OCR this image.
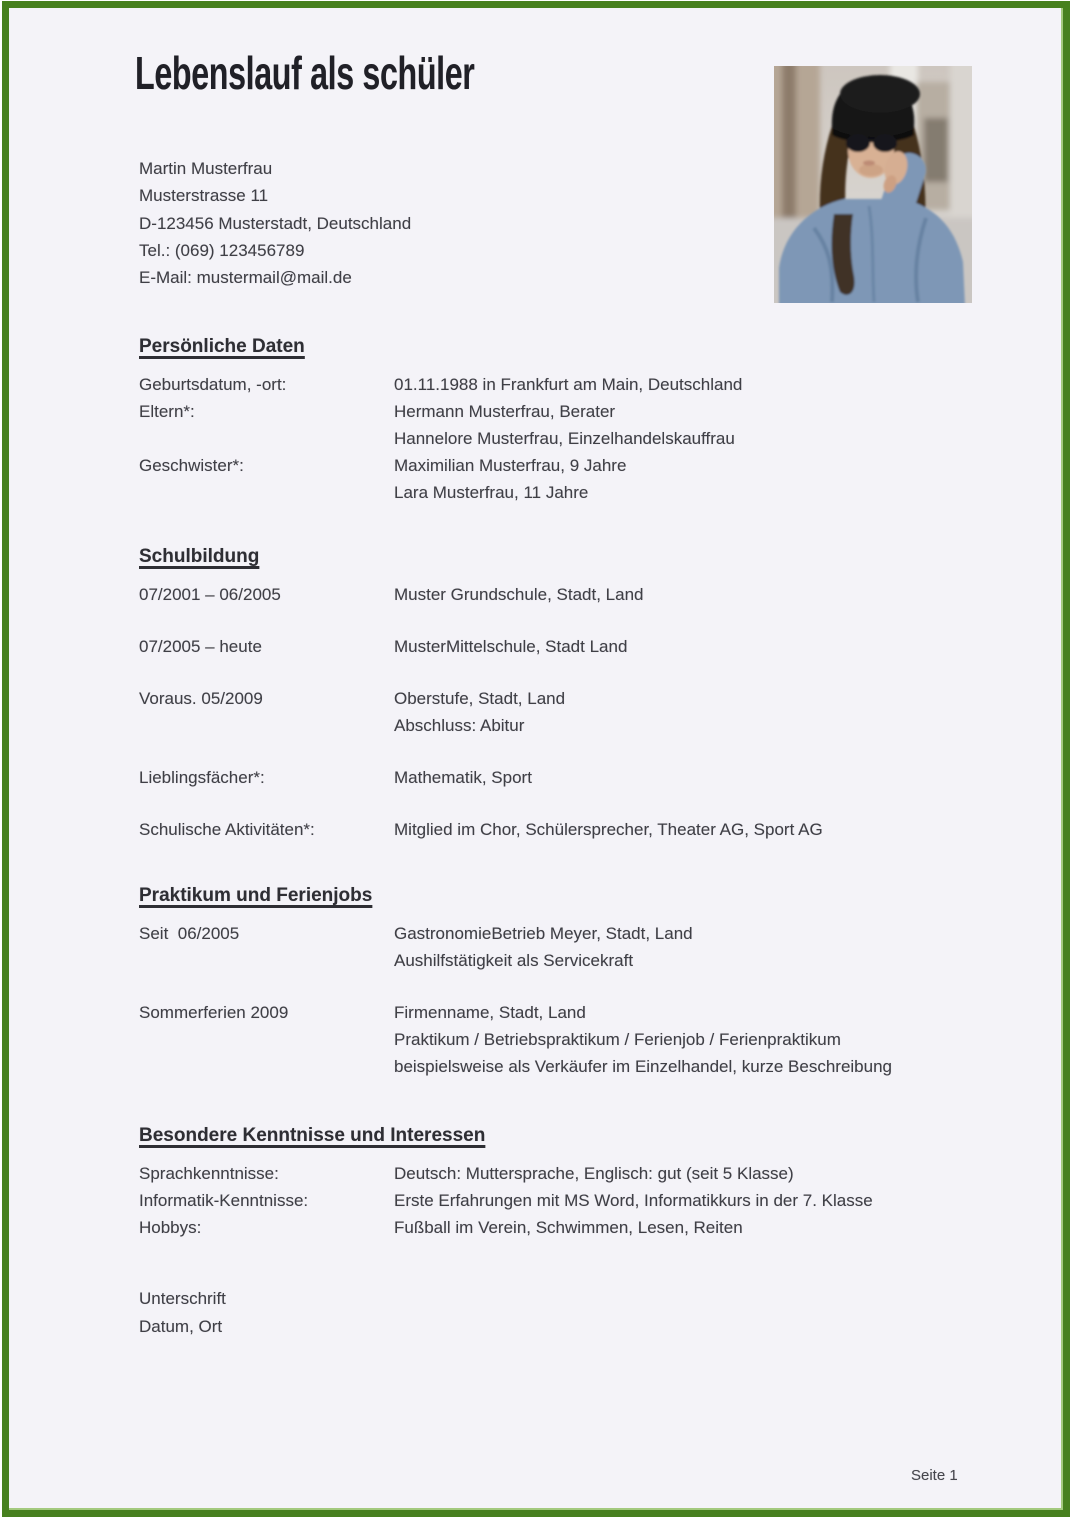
Lebenslauf als schüler
Martin Musterfrau
Musterstrasse 11
D-123456 Musterstadt, Deutschland
Tel.: (069) 123456789
E-Mail: mustermail@mail.de
Persönliche Daten
Geburtsdatum, -ort:	01.11.1988 in Frankfurt am Main, Deutschland
Eltern*:	Hermann Musterfrau, Berater
Hannelore Musterfrau, Einzelhandelskauffrau
Geschwister*:	Maximilian Musterfrau, 9 Jahre
Lara Musterfrau, 11 Jahre
Schulbildung
07/2001 – 06/2005	Muster Grundschule, Stadt, Land
07/2005 – heute	MusterMittelschule, Stadt Land
Voraus. 05/2009	Oberstufe, Stadt, Land
Abschluss: Abitur
Lieblingsfächer*:	Mathematik, Sport
Schulische Aktivitäten*:	Mitglied im Chor, Schülersprecher, Theater AG, Sport AG
Praktikum und Ferienjobs
Seit  06/2005	GastronomieBetrieb Meyer, Stadt, Land
Aushilfstätigkeit als Servicekraft
Sommerferien 2009	Firmenname, Stadt, Land
Praktikum / Betriebspraktikum / Ferienjob / Ferienpraktikum
beispielsweise als Verkäufer im Einzelhandel, kurze Beschreibung
Besondere Kenntnisse und Interessen
Sprachkenntnisse:	Deutsch: Muttersprache, Englisch: gut (seit 5 Klasse)
Informatik-Kenntnisse:	Erste Erfahrungen mit MS Word, Informatikkurs in der 7. Klasse
Hobbys:	Fußball im Verein, Schwimmen, Lesen, Reiten
Unterschrift
Datum, Ort
Seite 1
